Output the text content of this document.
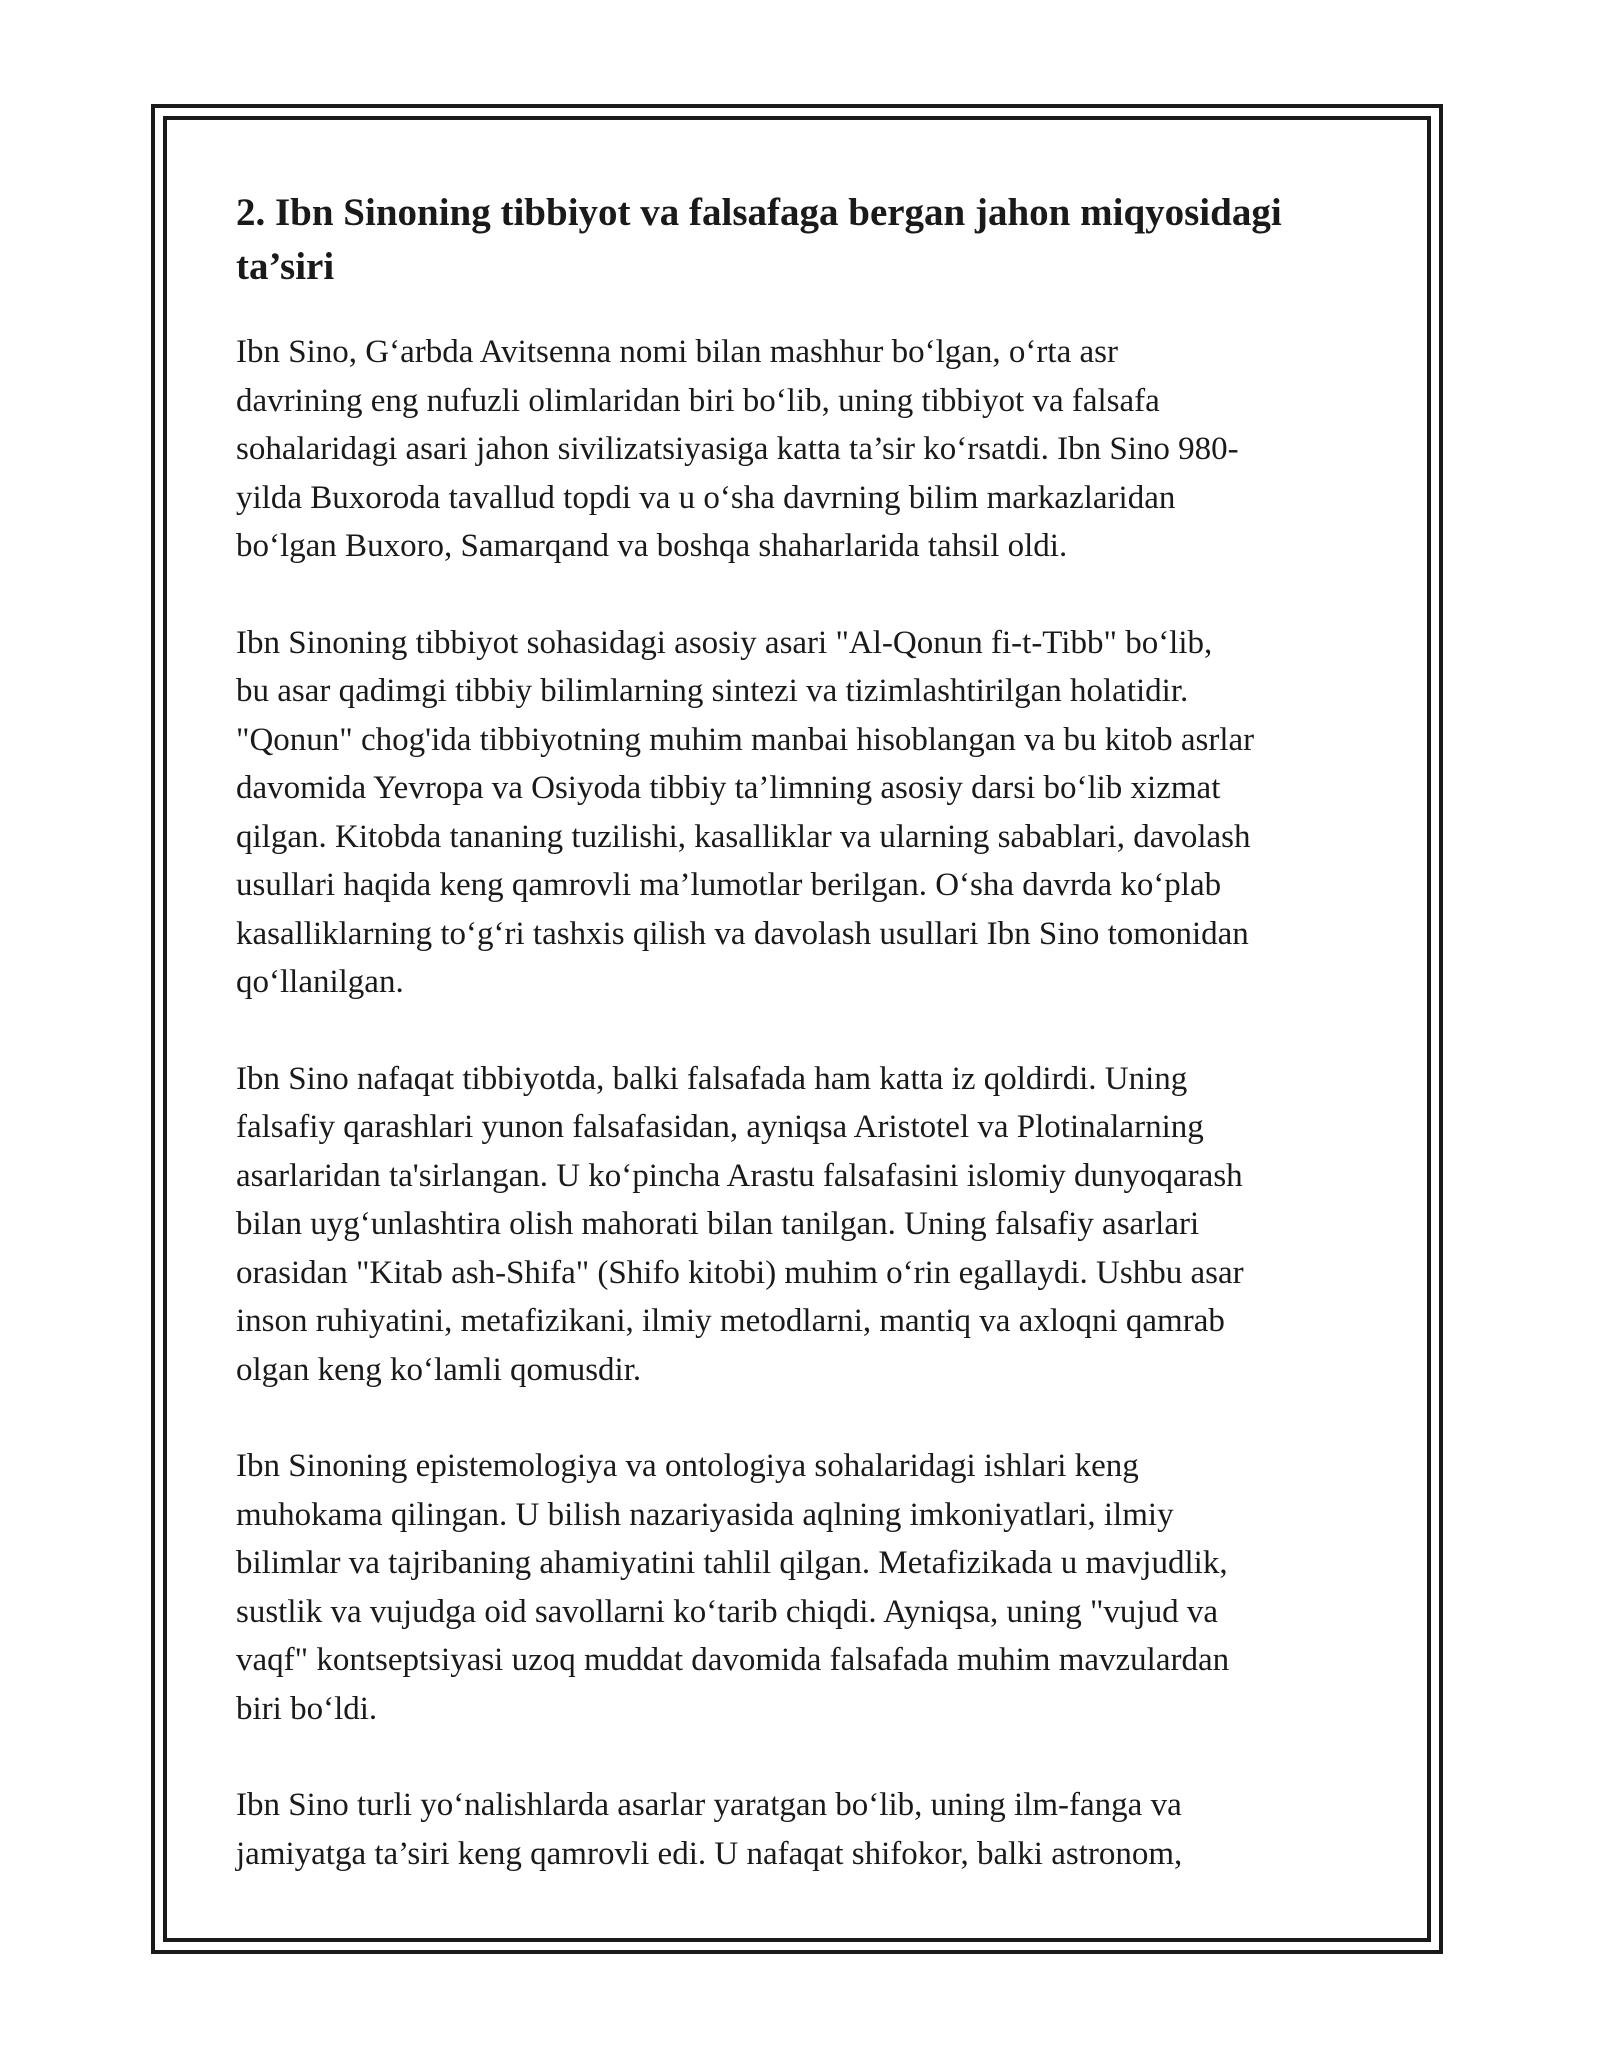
2. Ibn Sinoning tibbiyot va falsafaga bergan jahon miqyosidagi
ta’siri

Ibn Sino, G‘arbda Avitsenna nomi bilan mashhur bo‘lgan, o‘rta asr
davrining eng nufuzli olimlaridan biri bo‘lib, uning tibbiyot va falsafa
sohalaridagi asari jahon sivilizatsiyasiga katta ta’sir ko‘rsatdi. Ibn Sino 980-
yilda Buxoroda tavallud topdi va u o‘sha davrning bilim markazlaridan
bo‘lgan Buxoro, Samarqand va boshqa shaharlarida tahsil oldi.

Ibn Sinoning tibbiyot sohasidagi asosiy asari "Al-Qonun fi-t-Tibb" bo‘lib,
bu asar qadimgi tibbiy bilimlarning sintezi va tizimlashtirilgan holatidir.
"Qonun" chog'ida tibbiyotning muhim manbai hisoblangan va bu kitob asrlar
davomida Yevropa va Osiyoda tibbiy ta’limning asosiy darsi bo‘lib xizmat
qilgan. Kitobda tananing tuzilishi, kasalliklar va ularning sabablari, davolash
usullari haqida keng qamrovli ma’lumotlar berilgan. O‘sha davrda ko‘plab
kasalliklarning to‘g‘ri tashxis qilish va davolash usullari Ibn Sino tomonidan
qo‘llanilgan.

Ibn Sino nafaqat tibbiyotda, balki falsafada ham katta iz qoldirdi. Uning
falsafiy qarashlari yunon falsafasidan, ayniqsa Aristotel va Plotinalarning
asarlaridan ta'sirlangan. U ko‘pincha Arastu falsafasini islomiy dunyoqarash
bilan uyg‘unlashtira olish mahorati bilan tanilgan. Uning falsafiy asarlari
orasidan "Kitab ash-Shifa" (Shifo kitobi) muhim o‘rin egallaydi. Ushbu asar
inson ruhiyatini, metafizikani, ilmiy metodlarni, mantiq va axloqni qamrab
olgan keng ko‘lamli qomusdir.

Ibn Sinoning epistemologiya va ontologiya sohalaridagi ishlari keng
muhokama qilingan. U bilish nazariyasida aqlning imkoniyatlari, ilmiy
bilimlar va tajribaning ahamiyatini tahlil qilgan. Metafizikada u mavjudlik,
sustlik va vujudga oid savollarni ko‘tarib chiqdi. Ayniqsa, uning "vujud va
vaqf" kontseptsiyasi uzoq muddat davomida falsafada muhim mavzulardan
biri bo‘ldi.

Ibn Sino turli yo‘nalishlarda asarlar yaratgan bo‘lib, uning ilm-fanga va
jamiyatga ta’siri keng qamrovli edi. U nafaqat shifokor, balki astronom,
